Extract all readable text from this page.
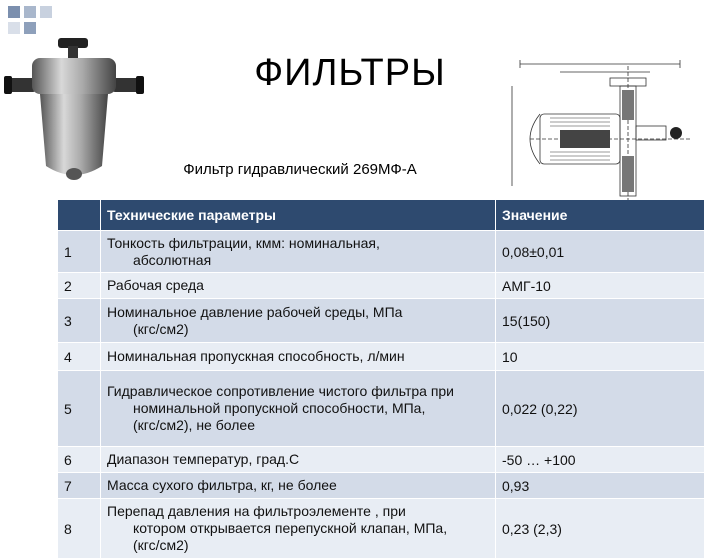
ФИЛЬТРЫ
Фильтр гидравлический 269МФ-А
	Технические параметры	Значение
1	Тонкость фильтрации, кмм: номинальная,
абсолютная	0,08±0,01
2	Рабочая среда	АМГ-10
3	Номинальное давление рабочей среды, МПа
(кгс/см2)	15(150)
4	Номинальная пропускная способность, л/мин	10
5	Гидравлическое сопротивление чистого фильтра при
номинальной пропускной способности, МПа,
(кгс/см2), не более	0,022 (0,22)
6	Диапазон температур, град.С	-50 … +100
7	Масса сухого фильтра, кг, не более	0,93
8	Перепад давления на фильтроэлементе , при
котором открывается перепускной клапан, МПа,
(кгс/см2)	0,23 (2,3)
